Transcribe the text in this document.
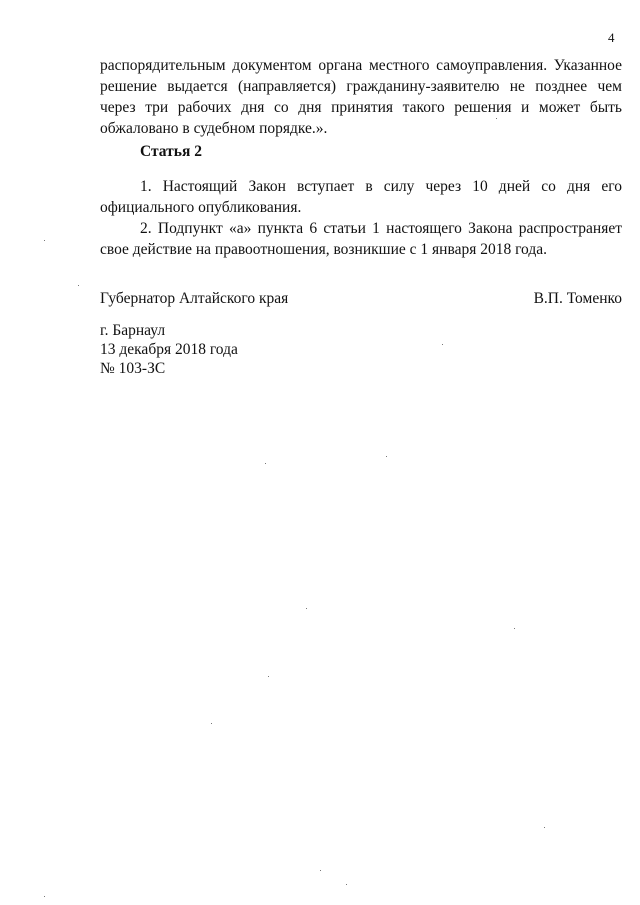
4
распорядительным документом органа местного самоуправления. Указанное решение выдается (направляется) гражданину-заявителю не позднее чем через три рабочих дня со дня принятия такого решения и может быть обжаловано в судебном порядке.».
Статья 2

1. Настоящий Закон вступает в силу через 10 дней со дня его официального опубликования.

2. Подпункт «а» пункта 6 статьи 1 настоящего Закона распространяет свое действие на правоотношения, возникшие с 1 января 2018 года.

Губернатор Алтайского края	В.П. Томенко
г. Барнаул
13 декабря 2018 года
№ 103-ЗС
